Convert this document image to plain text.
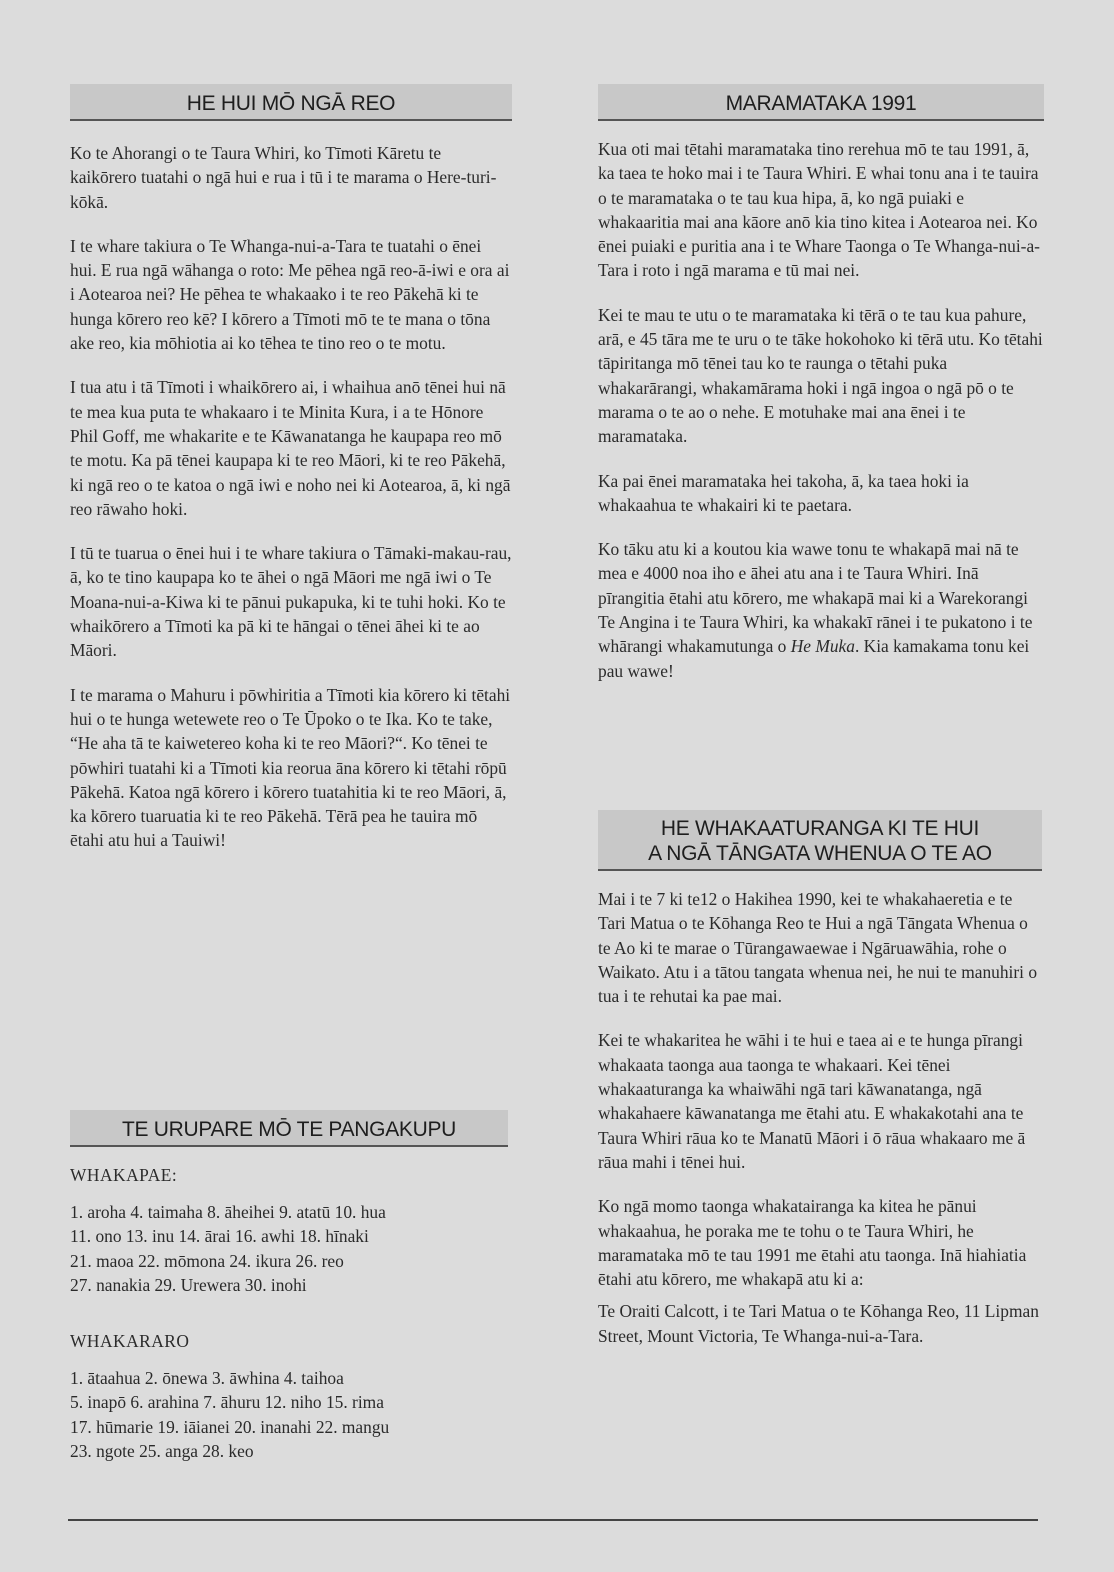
HE HUI MŌ NGĀ REO

Ko te Ahorangi o te Taura Whiri, ko Tīmoti Kāretu te kaikōrero tuatahi o ngā hui e rua i tū i te marama o Here-turi-kōkā.

I te whare takiura o Te Whanga-nui-a-Tara te tuatahi o ēnei hui. E rua ngā wāhanga o roto: Me pēhea ngā reo-ā-iwi e ora ai i Aotearoa nei? He pēhea te whakaako i te reo Pākehā ki te hunga kōrero reo kē? I kōrero a Tīmoti mō te te mana o tōna ake reo, kia mōhiotia ai ko tēhea te tino reo o te motu.

I tua atu i tā Tīmoti i whaikōrero ai, i whaihua anō tēnei hui nā te mea kua puta te whakaaro i te Minita Kura, i a te Hōnore Phil Goff, me whakarite e te Kāwanatanga he kaupapa reo mō te motu. Ka pā tēnei kaupapa ki te reo Māori, ki te reo Pākehā, ki ngā reo o te katoa o ngā iwi e noho nei ki Aotearoa, ā, ki ngā reo rāwaho hoki.

I tū te tuarua o ēnei hui i te whare takiura o Tāmaki-makau-rau, ā, ko te tino kaupapa ko te āhei o ngā Māori me ngā iwi o Te Moana-nui-a-Kiwa ki te pānui pukapuka, ki te tuhi hoki. Ko te whaikōrero a Tīmoti ka pā ki te hāngai o tēnei āhei ki te ao Māori.

I te marama o Mahuru i pōwhiritia a Tīmoti kia kōrero ki tētahi hui o te hunga wetewete reo o Te Ūpoko o te Ika. Ko te take, “He aha tā te kaiwetereo koha ki te reo Māori?“. Ko tēnei te pōwhiri tuatahi ki a Tīmoti kia reorua āna kōrero ki tētahi rōpū Pākehā. Katoa ngā kōrero i kōrero tuatahitia ki te reo Māori, ā, ka kōrero tuaruatia ki te reo Pākehā. Tērā pea he tauira mō ētahi atu hui a Tauiwi!

TE URUPARE MŌ TE PANGAKUPU
WHAKAPAE:
1. aroha 4. taimaha 8. āheihei 9. atatū 10. hua
11. ono 13. inu 14. ārai 16. awhi 18. hīnaki
21. maoa 22. mōmona 24. ikura 26. reo
27. nanakia 29. Urewera 30. inohi
WHAKARARO
1. ātaahua 2. ōnewa 3. āwhina 4. taihoa
5. inapō 6. arahina 7. āhuru 12. niho 15. rima
17. hūmarie 19. iāianei 20. inanahi 22. mangu
23. ngote 25. anga 28. keo
MARAMATAKA 1991

Kua oti mai tētahi maramataka tino rerehua mō te tau 1991, ā, ka taea te hoko mai i te Taura Whiri. E whai tonu ana i te tauira o te maramataka o te tau kua hipa, ā, ko ngā puiaki e whakaaritia mai ana kāore anō kia tino kitea i Aotearoa nei. Ko ēnei puiaki e puritia ana i te Whare Taonga o Te Whanga-nui-a-Tara i roto i ngā marama e tū mai nei.

Kei te mau te utu o te maramataka ki tērā o te tau kua pahure, arā, e 45 tāra me te uru o te tāke hokohoko ki tērā utu. Ko tētahi tāpiritanga mō tēnei tau ko te raunga o tētahi puka whakarārangi, whakamārama hoki i ngā ingoa o ngā pō o te marama o te ao o nehe. E motuhake mai ana ēnei i te maramataka.

Ka pai ēnei maramataka hei takoha, ā, ka taea hoki ia whakaahua te whakairi ki te paetara.

Ko tāku atu ki a koutou kia wawe tonu te whakapā mai nā te mea e 4000 noa iho e āhei atu ana i te Taura Whiri. Inā pīrangitia ētahi atu kōrero, me whakapā mai ki a Warekorangi Te Angina i te Taura Whiri, ka whakakī rānei i te pukatono i te whārangi whakamutunga o He Muka. Kia kamakama tonu kei pau wawe!

HE WHAKAATURANGA KI TE HUI
A NGĀ TĀNGATA WHENUA O TE AO

Mai i te 7 ki te12 o Hakihea 1990, kei te whakahaeretia e te Tari Matua o te Kōhanga Reo te Hui a ngā Tāngata Whenua o te Ao ki te marae o Tūrangawaewae i Ngāruawāhia, rohe o Waikato. Atu i a tātou tangata whenua nei, he nui te manuhiri o tua i te rehutai ka pae mai.

Kei te whakaritea he wāhi i te hui e taea ai e te hunga pīrangi whakaata taonga aua taonga te whakaari. Kei tēnei whakaaturanga ka whaiwāhi ngā tari kāwanatanga, ngā whakahaere kāwanatanga me ētahi atu. E whakakotahi ana te Taura Whiri rāua ko te Manatū Māori i ō rāua whakaaro me ā rāua mahi i tēnei hui.

Ko ngā momo taonga whakatairanga ka kitea he pānui whakaahua, he poraka me te tohu o te Taura Whiri, he maramataka mō te tau 1991 me ētahi atu taonga. Inā hiahiatia ētahi atu kōrero, me whakapā atu ki a:

Te Oraiti Calcott, i te Tari Matua o te Kōhanga Reo, 11 Lipman Street, Mount Victoria, Te Whanga-nui-a-Tara.
